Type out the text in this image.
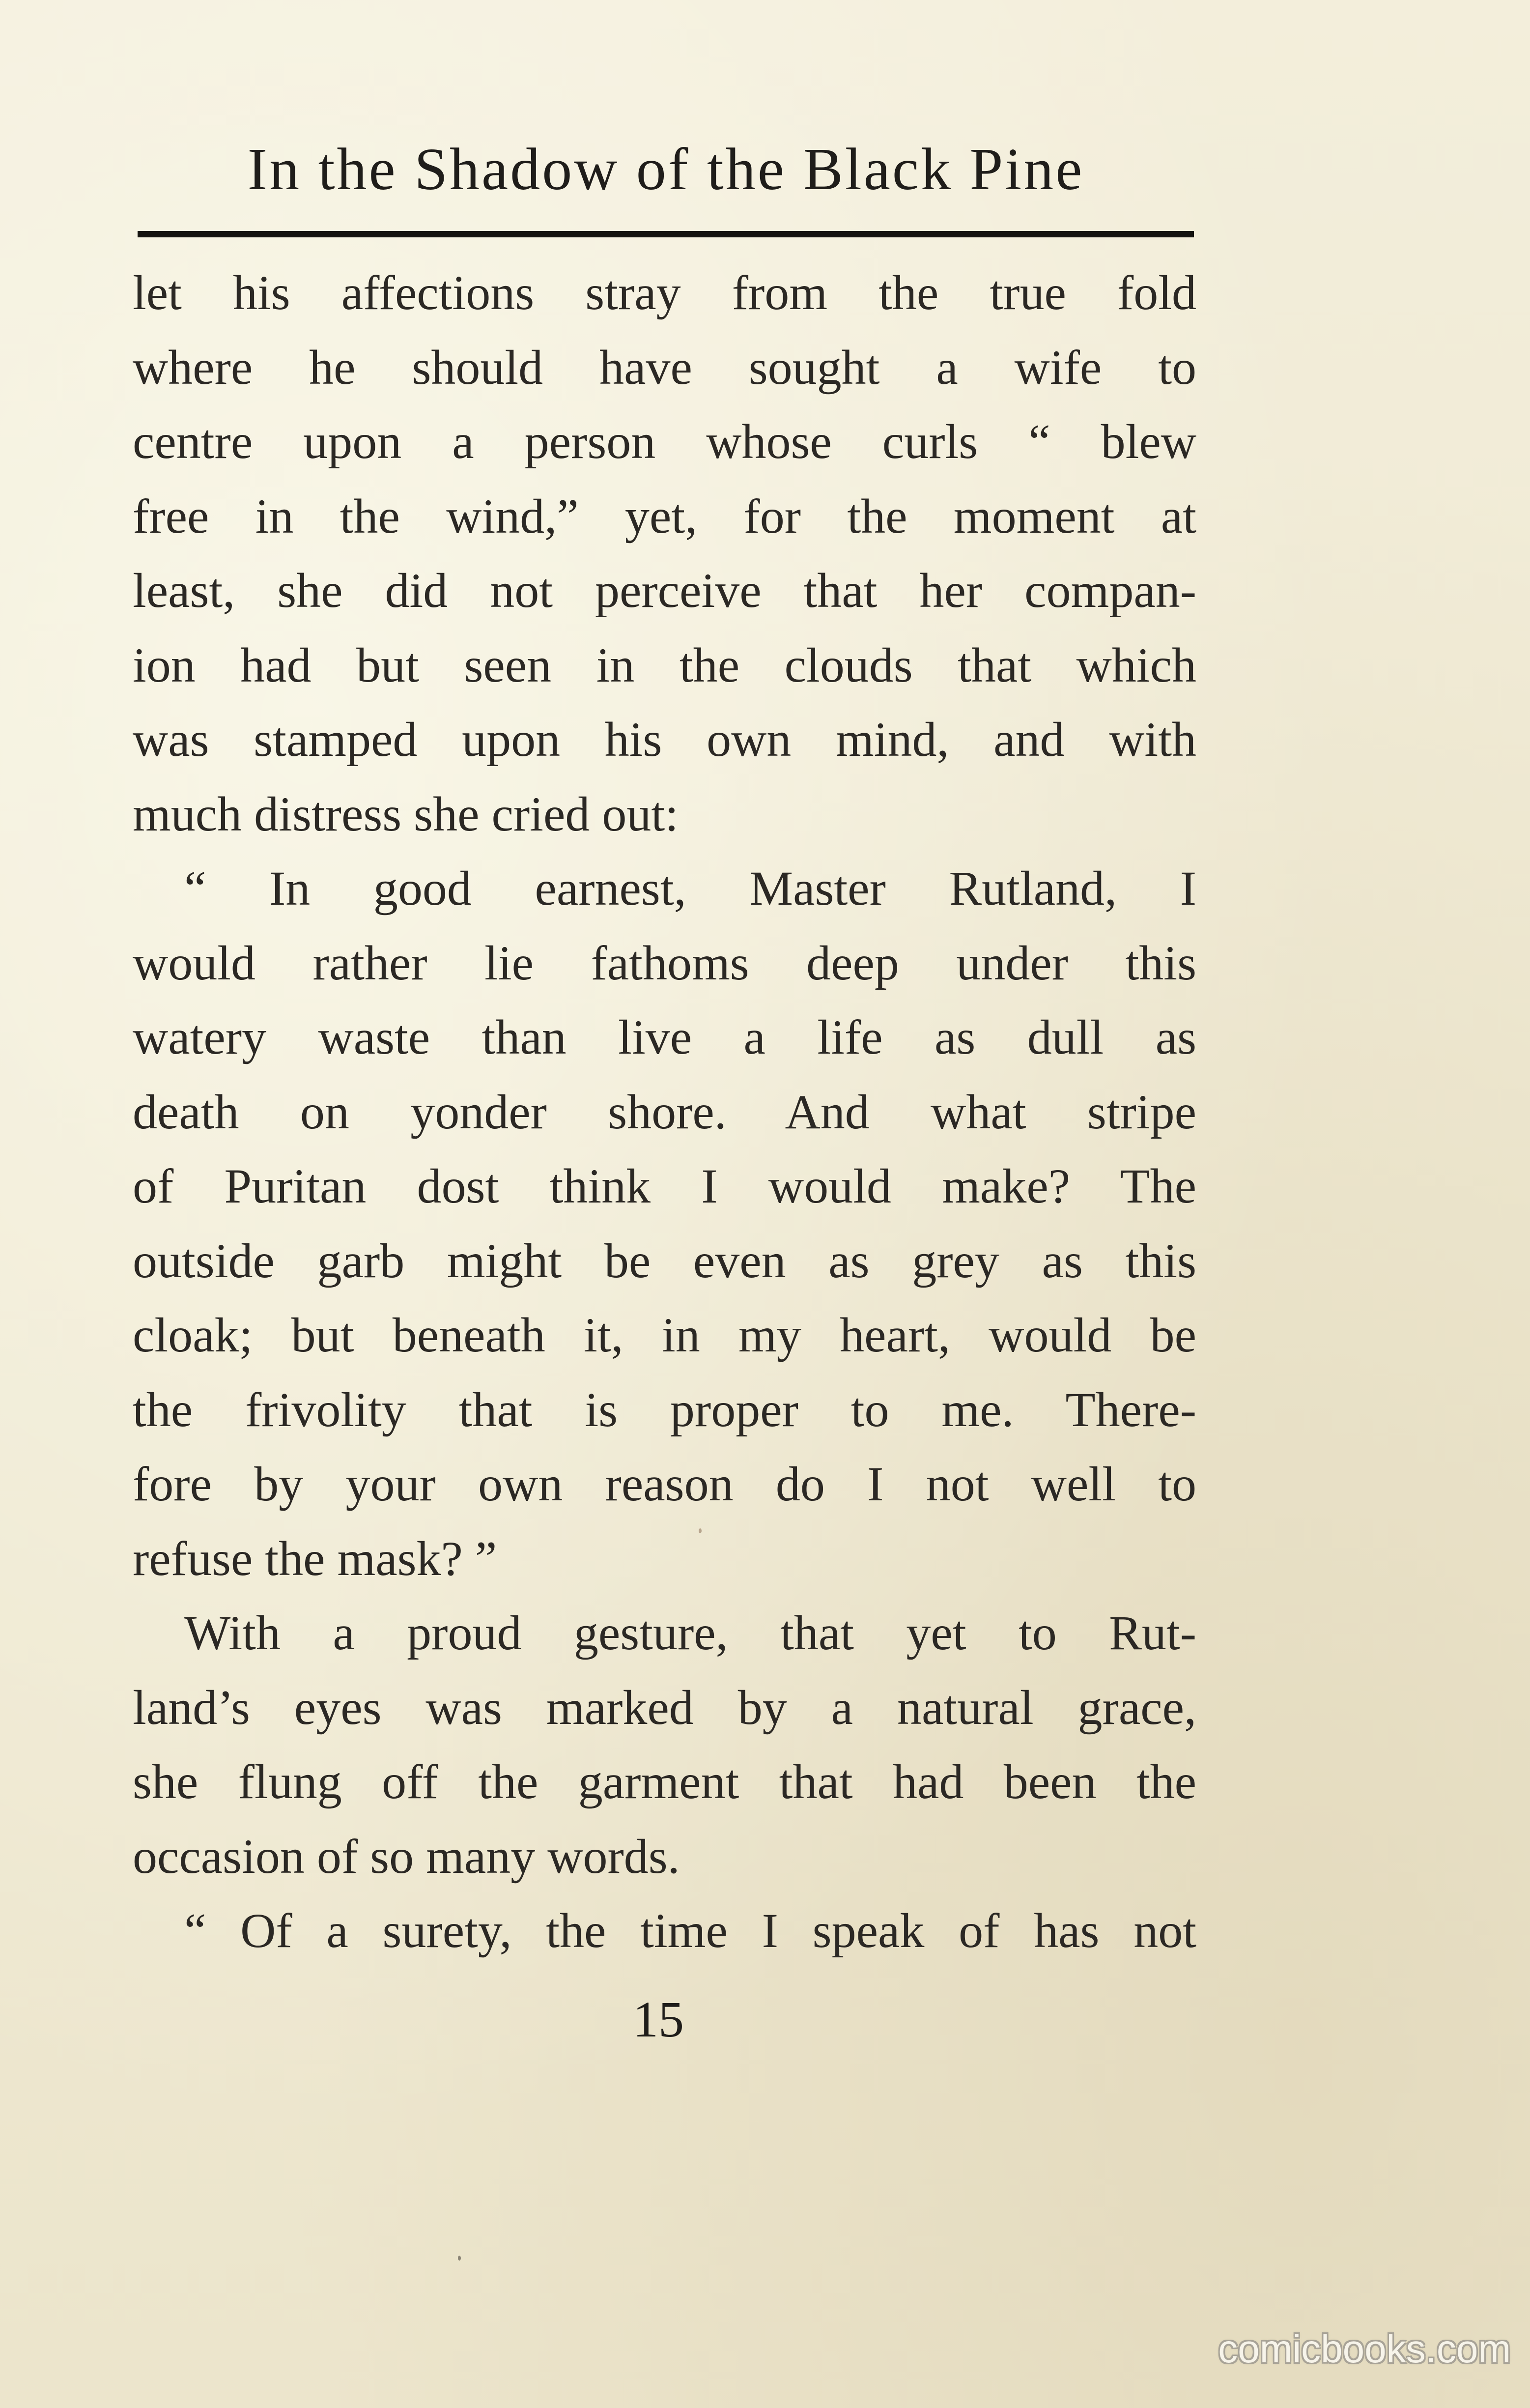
In the Shadow of the Black Pine
let his affections stray from the true fold
where he should have sought a wife to
centre upon a person whose curls “ blew
free in the wind,” yet, for the moment at
least, she did not perceive that her compan-
ion had but seen in the clouds that which
was stamped upon his own mind, and with
much distress she cried out:
“ In good earnest, Master Rutland, I
would rather lie fathoms deep under this
watery waste than live a life as dull as
death on yonder shore. And what stripe
of Puritan dost think I would make? The
outside garb might be even as grey as this
cloak; but beneath it, in my heart, would be
the frivolity that is proper to me. There-
fore by your own reason do I not well to
refuse the mask? ”
With a proud gesture, that yet to Rut-
land’s eyes was marked by a natural grace,
she flung off the garment that had been the
occasion of so many words.
“ Of a surety, the time I speak of has not
15
comicbooks.com
